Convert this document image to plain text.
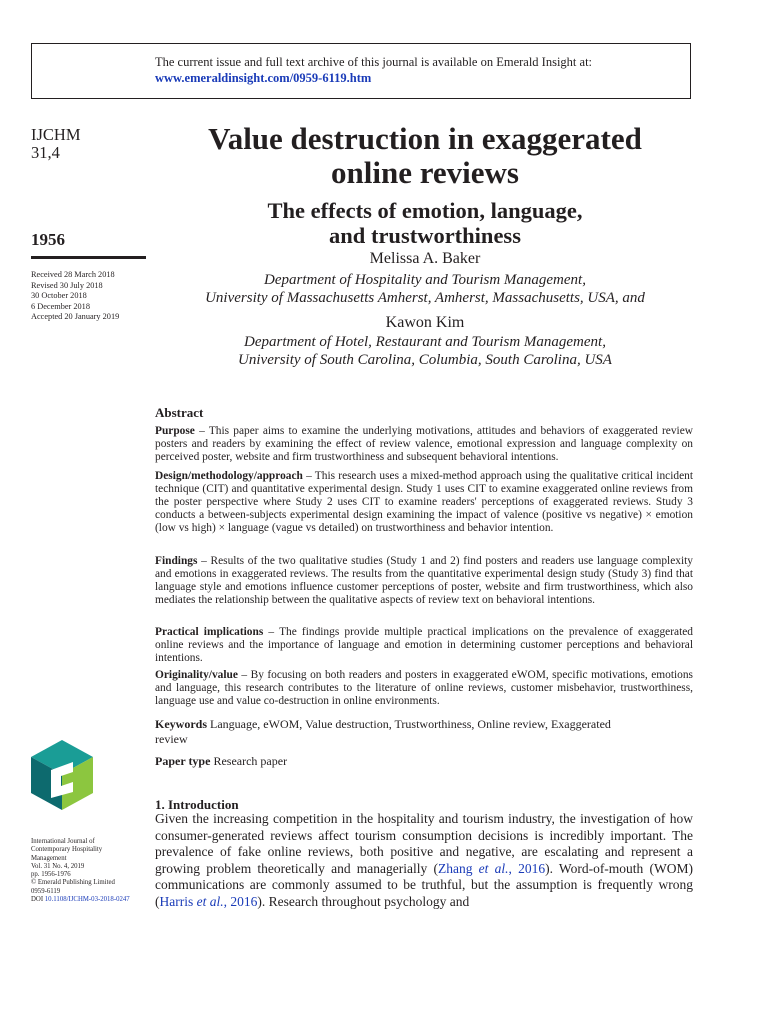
The current issue and full text archive of this journal is available on Emerald Insight at:
www.emeraldinsight.com/0959-6119.htm
IJCHM
31,4
1956
Received 28 March 2018
Revised 30 July 2018
30 October 2018
6 December 2018
Accepted 20 January 2019
Value destruction in exaggerated
online reviews
The effects of emotion, language,
and trustworthiness
Melissa A. Baker
Department of Hospitality and Tourism Management,
University of Massachusetts Amherst, Amherst, Massachusetts, USA, and
Kawon Kim
Department of Hotel, Restaurant and Tourism Management,
University of South Carolina, Columbia, South Carolina, USA
Abstract
Purpose – This paper aims to examine the underlying motivations, attitudes and behaviors of exaggerated review posters and readers by examining the effect of review valence, emotional expression and language complexity on perceived poster, website and firm trustworthiness and subsequent behavioral intentions.
Design/methodology/approach – This research uses a mixed-method approach using the qualitative critical incident technique (CIT) and quantitative experimental design. Study 1 uses CIT to examine exaggerated online reviews from the poster perspective where Study 2 uses CIT to examine readers' perceptions of exaggerated reviews. Study 3 conducts a between-subjects experimental design examining the impact of valence (positive vs negative) × emotion (low vs high) × language (vague vs detailed) on trustworthiness and behavior intention.
Findings – Results of the two qualitative studies (Study 1 and 2) find posters and readers use language complexity and emotions in exaggerated reviews. The results from the quantitative experimental design study (Study 3) find that language style and emotions influence customer perceptions of poster, website and firm trustworthiness, which also mediates the relationship between the qualitative aspects of review text on behavioral intentions.
Practical implications – The findings provide multiple practical implications on the prevalence of exaggerated online reviews and the importance of language and emotion in determining customer perceptions and behavioral intentions.
Originality/value – By focusing on both readers and posters in exaggerated eWOM, specific motivations, emotions and language, this research contributes to the literature of online reviews, customer misbehavior, trustworthiness, language use and value co-destruction in online environments.
Keywords Language, eWOM, Value destruction, Trustworthiness, Online review, Exaggerated review
Paper type Research paper
1. Introduction
Given the increasing competition in the hospitality and tourism industry, the investigation of how consumer-generated reviews affect tourism consumption decisions is incredibly important. The prevalence of fake online reviews, both positive and negative, are escalating and represent a growing problem theoretically and managerially (Zhang et al., 2016). Word-of-mouth (WOM) communications are commonly assumed to be truthful, but the assumption is frequently wrong (Harris et al., 2016). Research throughout psychology and
International Journal of
Contemporary Hospitality
Management
Vol. 31 No. 4, 2019
pp. 1956-1976
© Emerald Publishing Limited
0959-6119
DOI 10.1108/IJCHM-03-2018-0247
